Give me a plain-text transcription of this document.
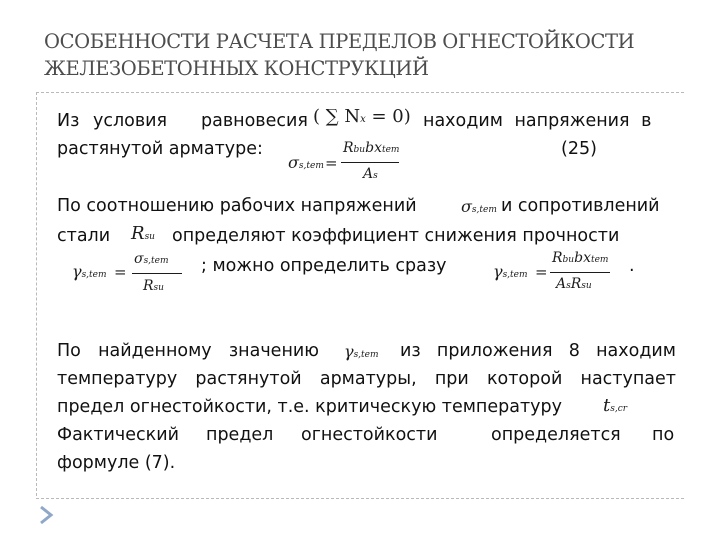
ОСОБЕННОСТИ РАСЧЕТА ПРЕДЕЛОВ ОГНЕСТОЙКОСТИ
ЖЕЛЕЗОБЕТОННЫХ КОНСТРУКЦИЙ
Из условия равновесия	находим напряжения в
( ∑ Nx = 0)
растянутой арматуре:	(25)
σs,tem =
Rbubxtem
As
По соотношению рабочих напряжений	и сопротивлений
σs,tem
стали	определяют коэффициент снижения прочности
Rsu
γs,tem =
σs,tem
Rsu
; можно определить сразу	.
γs,tem =
Rbubxtem
AsRsu
По найденному значению	из приложения 8 находим
γs,tem
температуру растянутой арматуры, при которой наступает
предел огнестойкости, т.е. критическую температуру ts,cr
Фактический предел огнестойкости	определяется по
формуле (7).
